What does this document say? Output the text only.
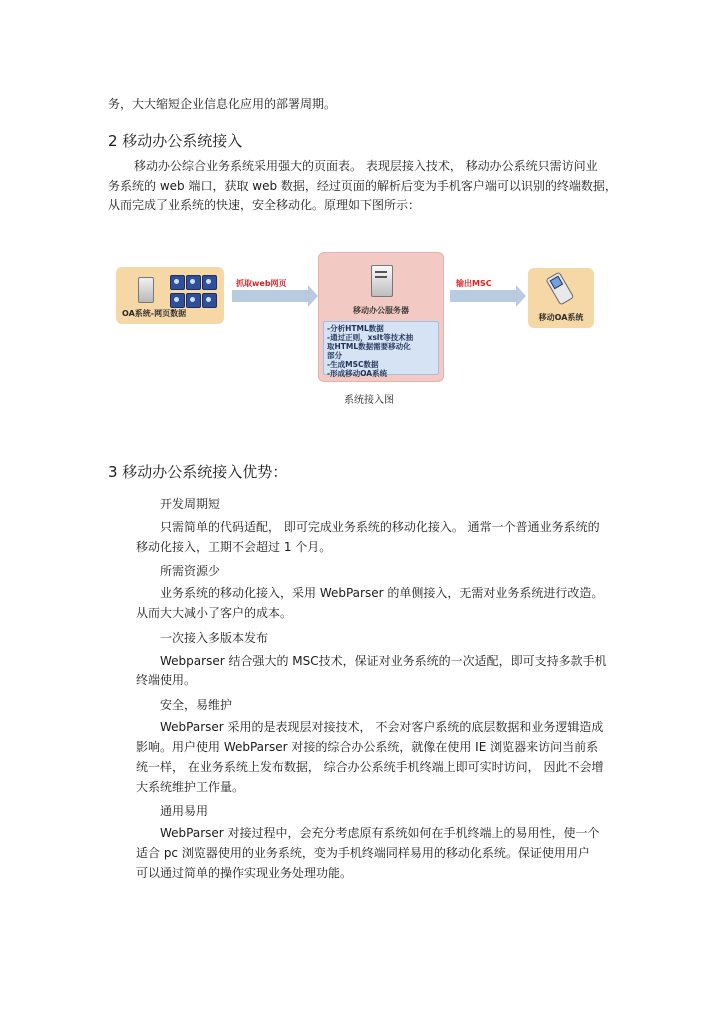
务，大大缩短企业信息化应用的部署周期。
2 移动办公系统接入
移动办公综合业务系统采用强大的页面表。 表现层接入技术， 移动办公系统只需访问业
务系统的 web 端口，获取 web 数据，经过页面的解析后变为手机客户端可以识别的终端数据，
从而完成了业系统的快速，安全移动化。原理如下图所示：
OA系统-网页数据
抓取web网页
移动办公服务器
-分析HTML数据
-通过正则，xslt等技术抽
取HTML数据需要移动化
部分
-生成MSC数据
-形成移动OA系统
输出MSC
移动OA系统
系统接入图
3 移动办公系统接入优势：
开发周期短
只需简单的代码适配， 即可完成业务系统的移动化接入。 通常一个普通业务系统的
移动化接入，工期不会超过 1 个月。
所需资源少
业务系统的移动化接入，采用 WebParser 的单侧接入，无需对业务系统进行改造。
从而大大减小了客户的成本。
一次接入多版本发布
Webparser 结合强大的 MSC技术，保证对业务系统的一次适配，即可支持多款手机
终端使用。
安全，易维护
WebParser 采用的是表现层对接技术， 不会对客户系统的底层数据和业务逻辑造成
影响。用户使用 WebParser 对接的综合办公系统，就像在使用 IE 浏览器来访问当前系
统一样， 在业务系统上发布数据， 综合办公系统手机终端上即可实时访问， 因此不会增
大系统维护工作量。
通用易用
WebParser 对接过程中，会充分考虑原有系统如何在手机终端上的易用性，使一个
适合 pc 浏览器使用的业务系统，变为手机终端同样易用的移动化系统。保证使用用户
可以通过简单的操作实现业务处理功能。
